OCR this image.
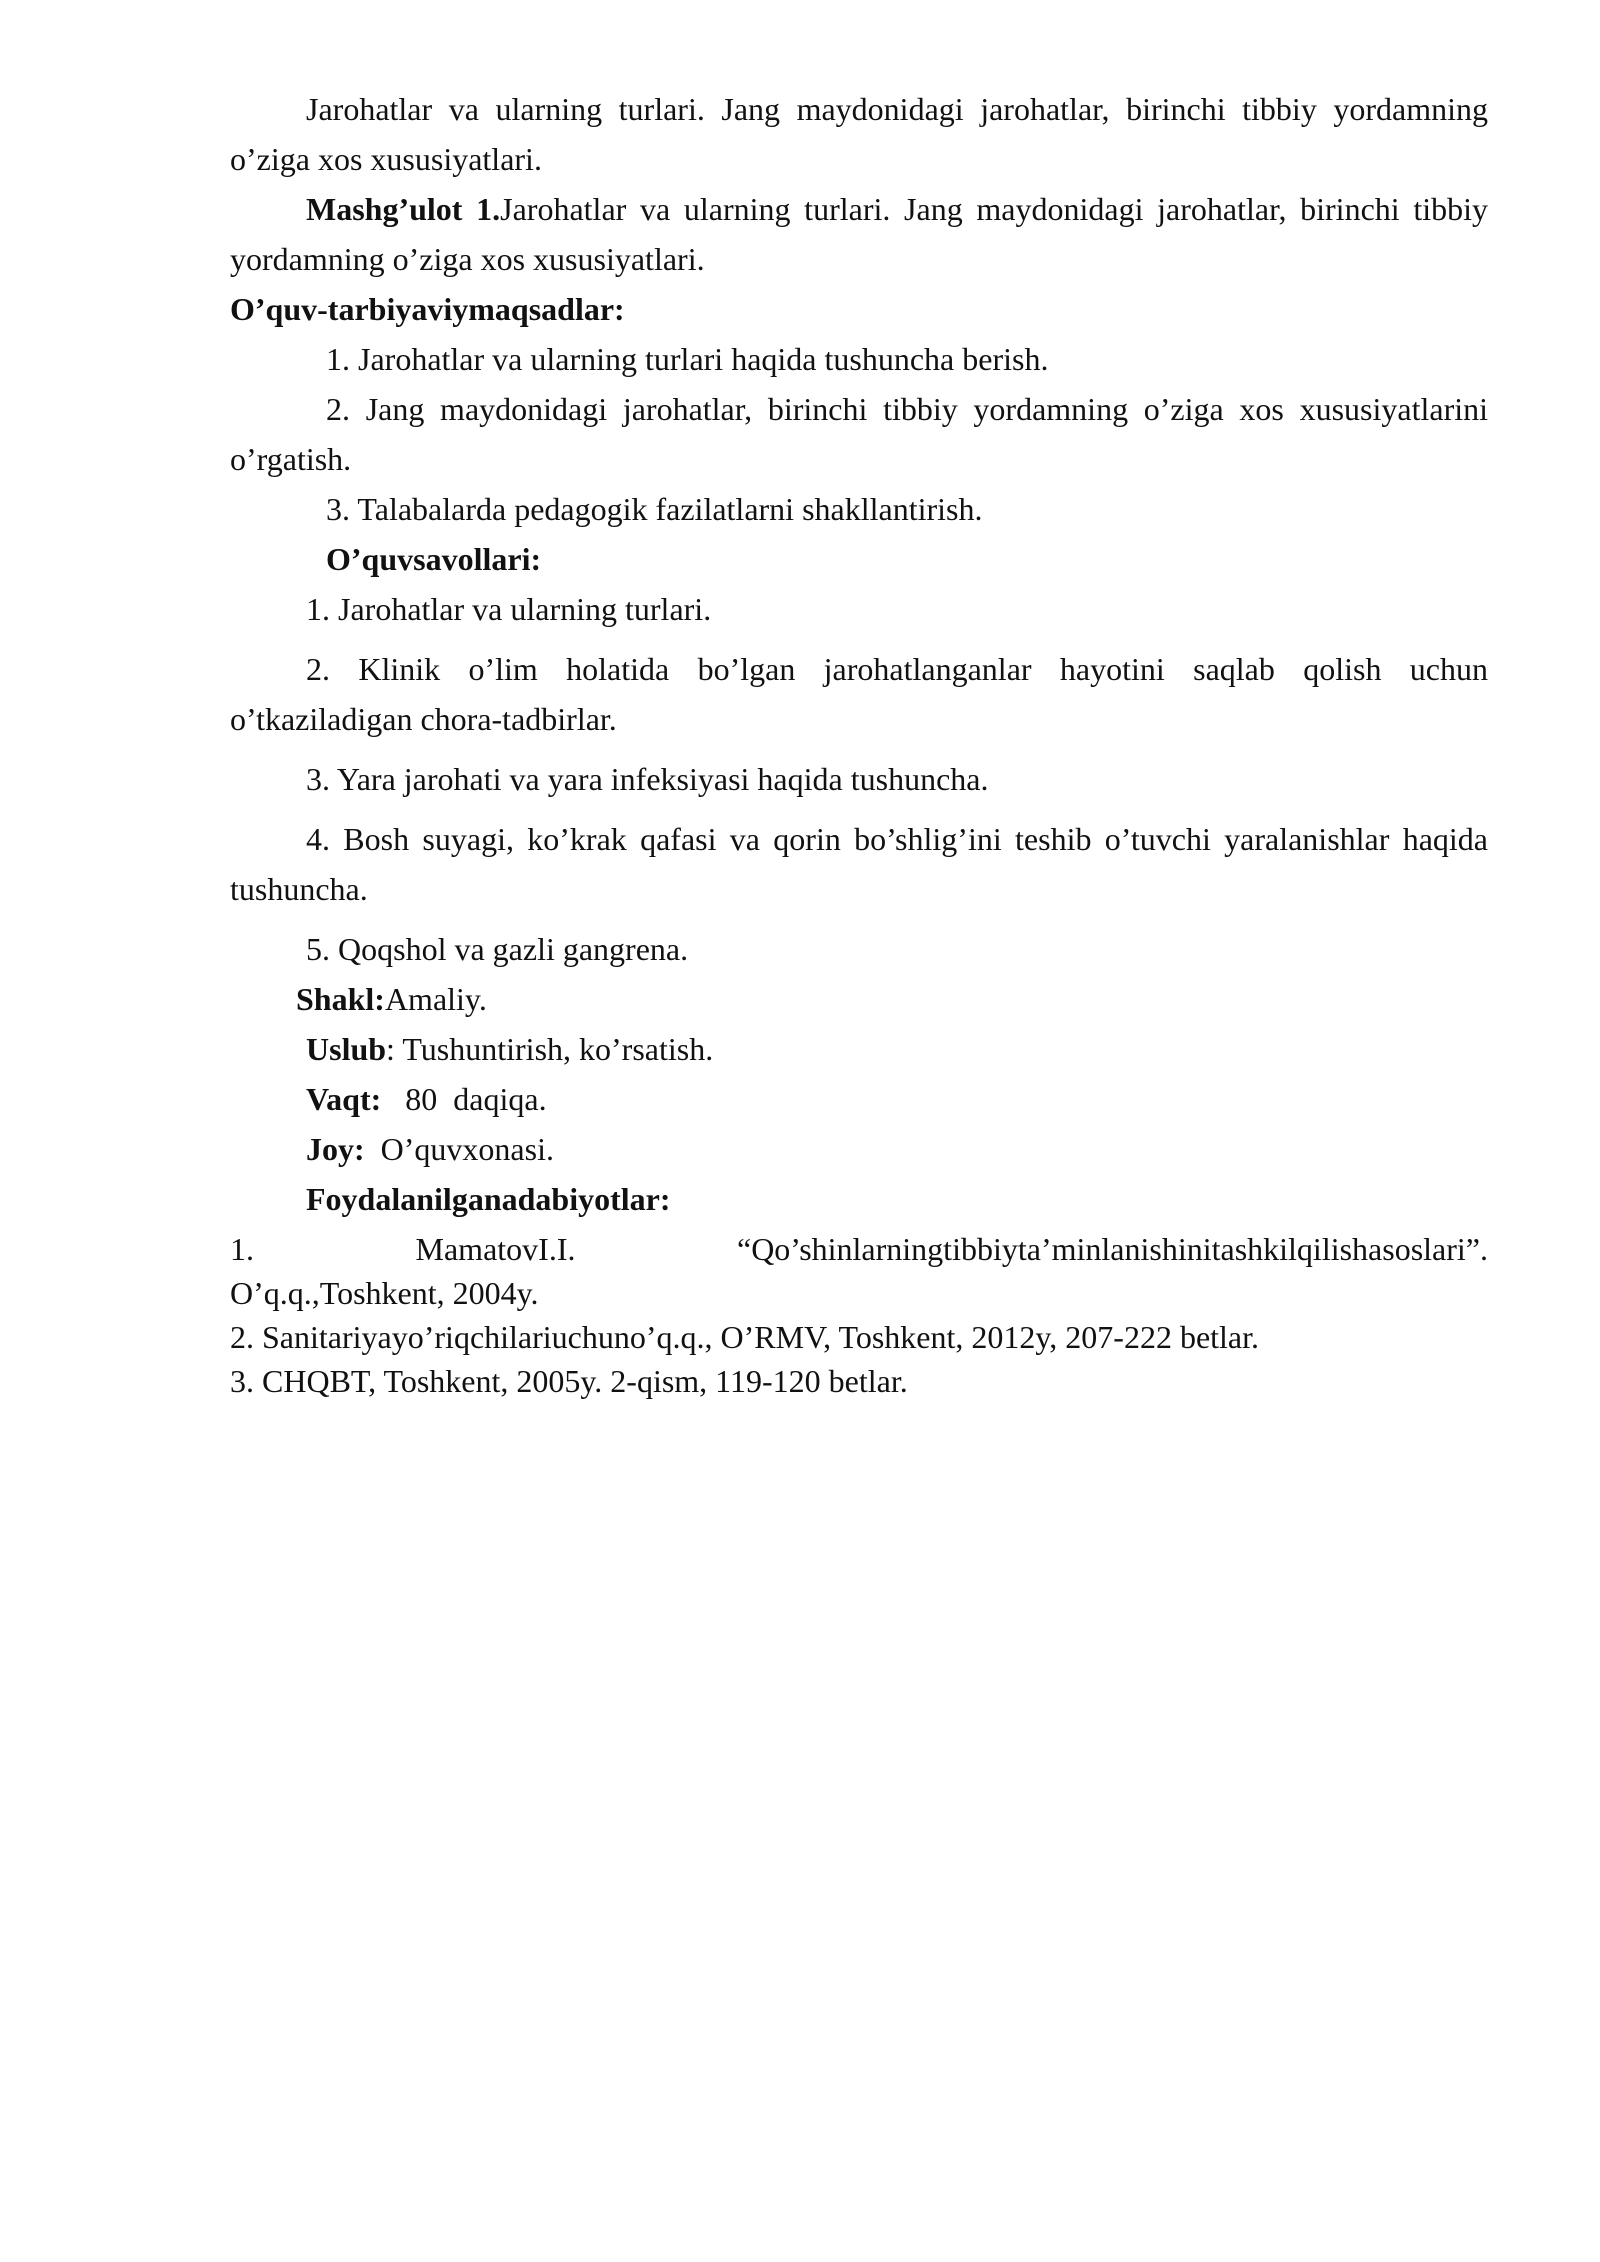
Jarohatlar va ularning turlari. Jang maydonidagi jarohatlar, birinchi tibbiy yordamning o’ziga xos xususiyatlari.

Mashg’ulot 1.Jarohatlar va ularning turlari. Jang maydonidagi jarohatlar, birinchi tibbiy yordamning o’ziga xos xususiyatlari.

O’quv-tarbiyaviymaqsadlar:

1. Jarohatlar va ularning turlari haqida tushuncha berish.

2. Jang maydonidagi jarohatlar, birinchi tibbiy yordamning o’ziga xos xususiyatlarini o’rgatish.

3. Talabalarda pedagogik fazilatlarni shakllantirish.

O’quvsavollari:

1. Jarohatlar va ularning turlari.

2. Klinik o’lim holatida bo’lgan jarohatlanganlar hayotini saqlab qolish uchun o’tkaziladigan chora-tadbirlar.

3. Yara jarohati va yara infeksiyasi haqida tushuncha.

4. Bosh suyagi, ko’krak qafasi va qorin bo’shlig’ini teshib o’tuvchi yaralanishlar haqida tushuncha.

5. Qoqshol va gazli gangrena.

Shakl:Amaliy.

Uslub: Tushuntirish, ko’rsatish.

Vaqt:   80  daqiqa.

Joy:  O’quvxonasi.

Foydalanilganadabiyotlar:

1.	MamatovI.I.	“Qo’shinlarningtibbiyta’minlanishinitashkilqilishasoslari”.

O’q.q.,Toshkent, 2004y.

2. Sanitariyayo’riqchilariuchuno’q.q., O’RMV, Toshkent, 2012y, 207-222 betlar.

3. CHQBT, Toshkent, 2005y. 2-qism, 119-120 betlar.
